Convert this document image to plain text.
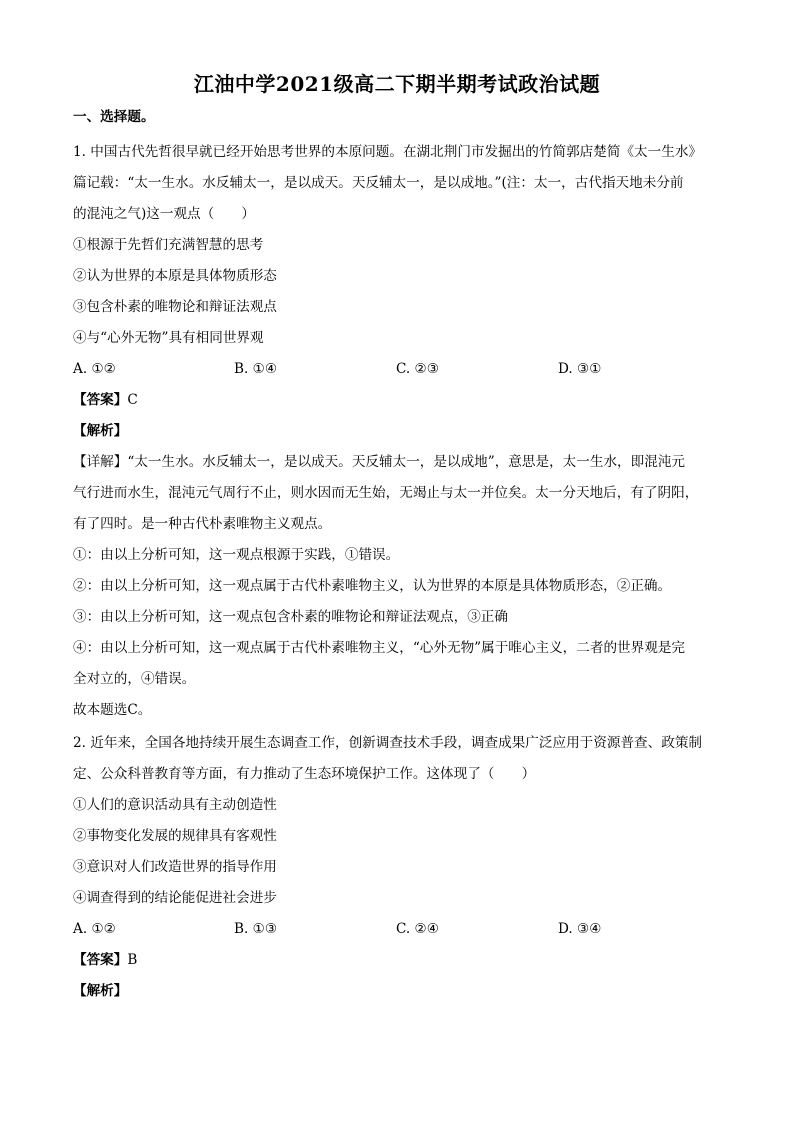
江油中学2021级高二下期半期考试政治试题
一、选择题。
1. 中国古代先哲很早就已经开始思考世界的本原问题。在湖北荆门市发掘出的竹简郭店楚简《太一生水》
篇记载：“太一生水。水反辅太一，是以成天。天反辅太一，是以成地。”(注：太一，古代指天地未分前
的混沌之气)这一观点（　　）
①根源于先哲们充满智慧的思考
②认为世界的本原是具体物质形态
③包含朴素的唯物论和辩证法观点
④与“心外无物”具有相同世界观
A. ①②	B. ①④	C. ②③	D. ③①
【答案】C
【解析】
【详解】“太一生水。水反辅太一，是以成天。天反辅太一，是以成地”，意思是，太一生水，即混沌元
气行进而水生，混沌元气周行不止，则水因而无生始，无竭止与太一并位矣。太一分天地后，有了阴阳，
有了四时。是一种古代朴素唯物主义观点。
①：由以上分析可知，这一观点根源于实践，①错误。
②：由以上分析可知，这一观点属于古代朴素唯物主义，认为世界的本原是具体物质形态，②正确。
③：由以上分析可知，这一观点包含朴素的唯物论和辩证法观点，③正确
④：由以上分析可知，这一观点属于古代朴素唯物主义，“心外无物”属于唯心主义，二者的世界观是完
全对立的，④错误。
故本题选C。
2. 近年来，全国各地持续开展生态调查工作，创新调查技术手段，调查成果广泛应用于资源普查、政策制
定、公众科普教育等方面，有力推动了生态环境保护工作。这体现了（　　）
①人们的意识活动具有主动创造性
②事物变化发展的规律具有客观性
③意识对人们改造世界的指导作用
④调查得到的结论能促进社会进步
A. ①②	B. ①③	C. ②④	D. ③④
【答案】B
【解析】
